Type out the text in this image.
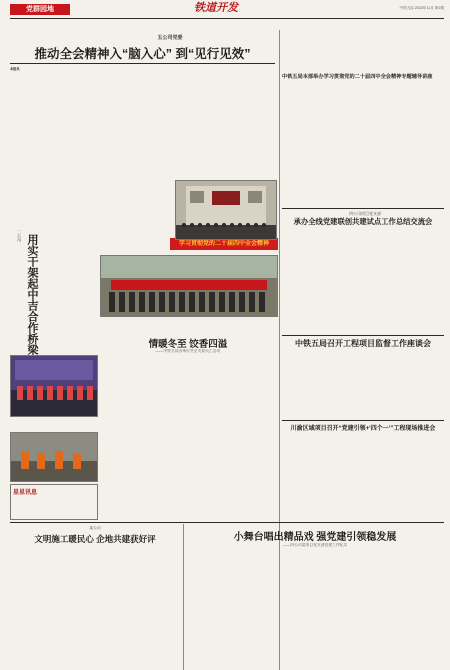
党群园地	铁道开发	中铁五局 2023年11月 第1期
五公司党委
推动全会精神入“脑入心” 到“见行见效”
本报讯
中铁五局本部举办学习贯彻党的二十届四中全会精神专题辅导讲座
四公司项目党支部
承办全线党建联创共建试点工作总结交流会
中铁五局召开工程项目监督工作座谈会
川渝区域项目召开“党建引领+‘四个一’”工程现场推进会
学习贯彻党的二十届四中全会精神
二公司 用实干架起中吉合作桥梁	情暖冬至 饺香四溢
——中铁五局各单位冬至关爱员工活动
星星讯息
某公司
文明施工暖民心 企地共建获好评	小舞台唱出精品戏 强党建引领稳发展
——四公司某项目党支部党建工作纪实
